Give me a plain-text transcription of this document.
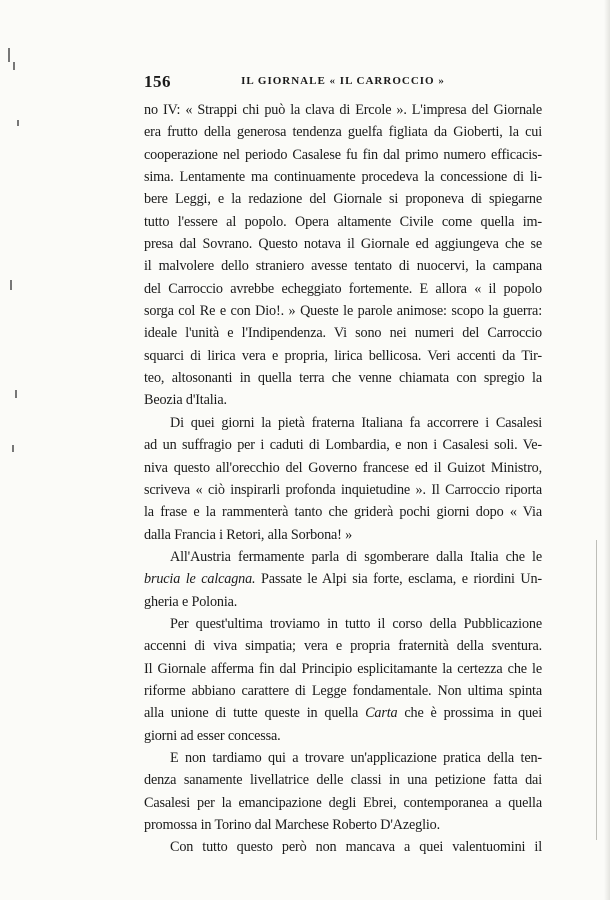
156	IL GIORNALE « IL CARROCCIO »
no IV: « Strappi chi può la clava di Ercole ». L'impresa del Giornale
era frutto della generosa tendenza guelfa figliata da Gioberti, la cui
cooperazione nel periodo Casalese fu fin dal primo numero efficacis-
sima. Lentamente ma continuamente procedeva la concessione di li-
bere Leggi, e la redazione del Giornale si proponeva di spiegarne
tutto l'essere al popolo. Opera altamente Civile come quella im-
presa dal Sovrano. Questo notava il Giornale ed aggiungeva che se
il malvolere dello straniero avesse tentato di nuocervi, la campana
del Carroccio avrebbe echeggiato fortemente. E allora « il popolo
sorga col Re e con Dio!. » Queste le parole animose: scopo la guerra:
ideale l'unità e l'Indipendenza. Vi sono nei numeri del Carroccio
squarci di lirica vera e propria, lirica bellicosa. Veri accenti da Tir-
teo, altosonanti in quella terra che venne chiamata con spregio la
Beozia d'Italia.
Di quei giorni la pietà fraterna Italiana fa accorrere i Casalesi
ad un suffragio per i caduti di Lombardia, e non i Casalesi soli. Ve-
niva questo all'orecchio del Governo francese ed il Guizot Ministro,
scriveva « ciò inspirarli profonda inquietudine ». Il Carroccio riporta
la frase e la rammenterà tanto che griderà pochi giorni dopo « Via
dalla Francia i Retori, alla Sorbona! »
All'Austria fermamente parla di sgomberare dalla Italia che le
brucia le calcagna. Passate le Alpi sia forte, esclama, e riordini Un-
gheria e Polonia.
Per quest'ultima troviamo in tutto il corso della Pubblicazione
accenni di viva simpatia; vera e propria fraternità della sventura.
Il Giornale afferma fin dal Principio esplicitamante la certezza che le
riforme abbiano carattere di Legge fondamentale. Non ultima spinta
alla unione di tutte queste in quella Carta che è prossima in quei
giorni ad esser concessa.
E non tardiamo qui a trovare un'applicazione pratica della ten-
denza sanamente livellatrice delle classi in una petizione fatta dai
Casalesi per la emancipazione degli Ebrei, contemporanea a quella
promossa in Torino dal Marchese Roberto D'Azeglio.
Con tutto questo però non mancava a quei valentuomini il
